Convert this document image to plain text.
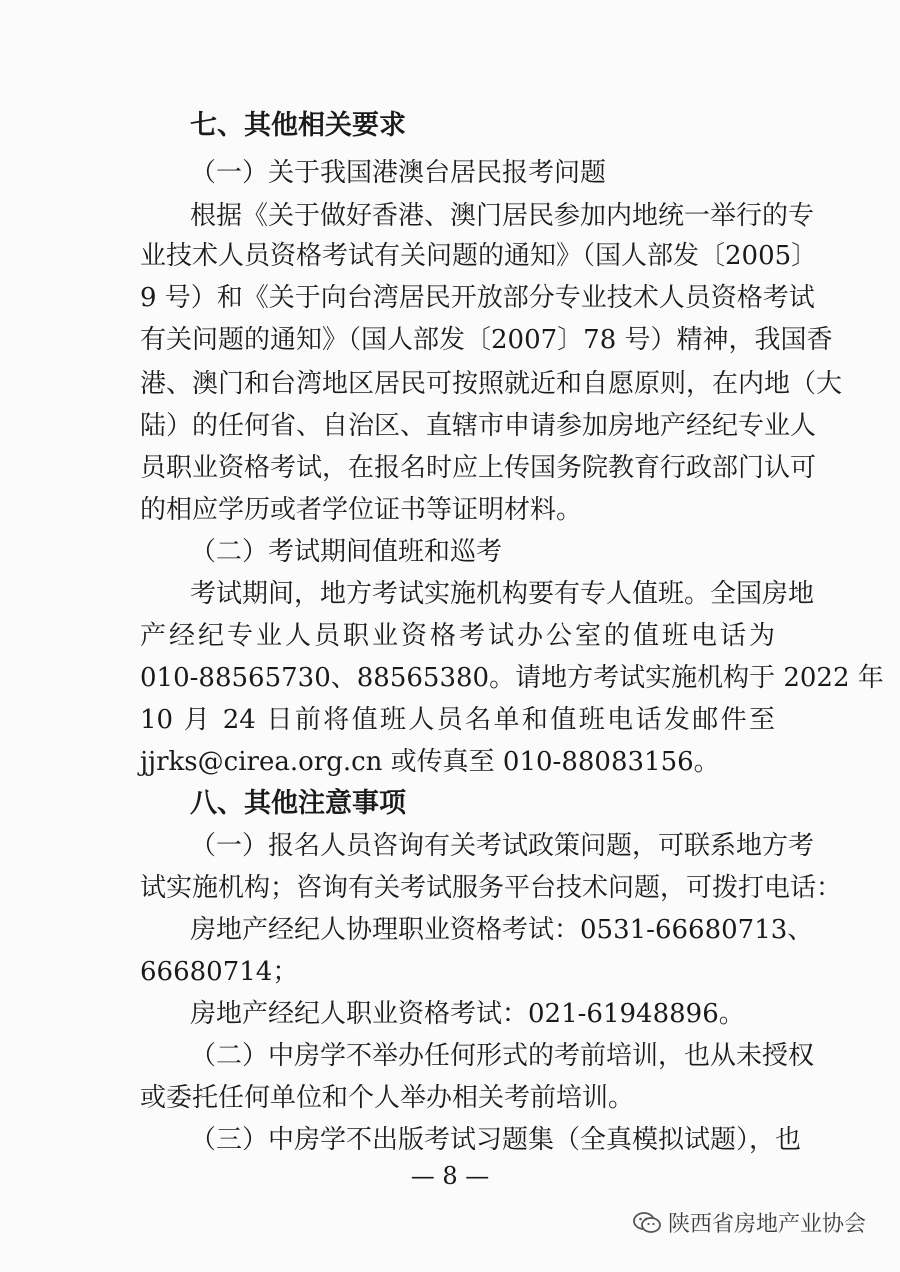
七、其他相关要求
（一）关于我国港澳台居民报考问题
根据《关于做好香港、澳门居民参加内地统一举行的专
业技术人员资格考试有关问题的通知》（国人部发〔2005〕
9 号）和《关于向台湾居民开放部分专业技术人员资格考试
有关问题的通知》（国人部发〔2007〕78 号）精神，我国香
港、澳门和台湾地区居民可按照就近和自愿原则，在内地（大
陆）的任何省、自治区、直辖市申请参加房地产经纪专业人
员职业资格考试，在报名时应上传国务院教育行政部门认可
的相应学历或者学位证书等证明材料。
（二）考试期间值班和巡考
考试期间，地方考试实施机构要有专人值班。全国房地
产经纪专业人员职业资格考试办公室的值班电话为
010-88565730、88565380。请地方考试实施机构于 2022 年
10 月 24 日前将值班人员名单和值班电话发邮件至
jjrks@cirea.org.cn 或传真至 010-88083156。
八、其他注意事项
（一）报名人员咨询有关考试政策问题，可联系地方考
试实施机构；咨询有关考试服务平台技术问题，可拨打电话：
房地产经纪人协理职业资格考试：0531-66680713、
66680714；
房地产经纪人职业资格考试：021-61948896。
（二）中房学不举办任何形式的考前培训，也从未授权
或委托任何单位和个人举办相关考前培训。
（三）中房学不出版考试习题集（全真模拟试题），也
— 8 —
陕西省房地产业协会
